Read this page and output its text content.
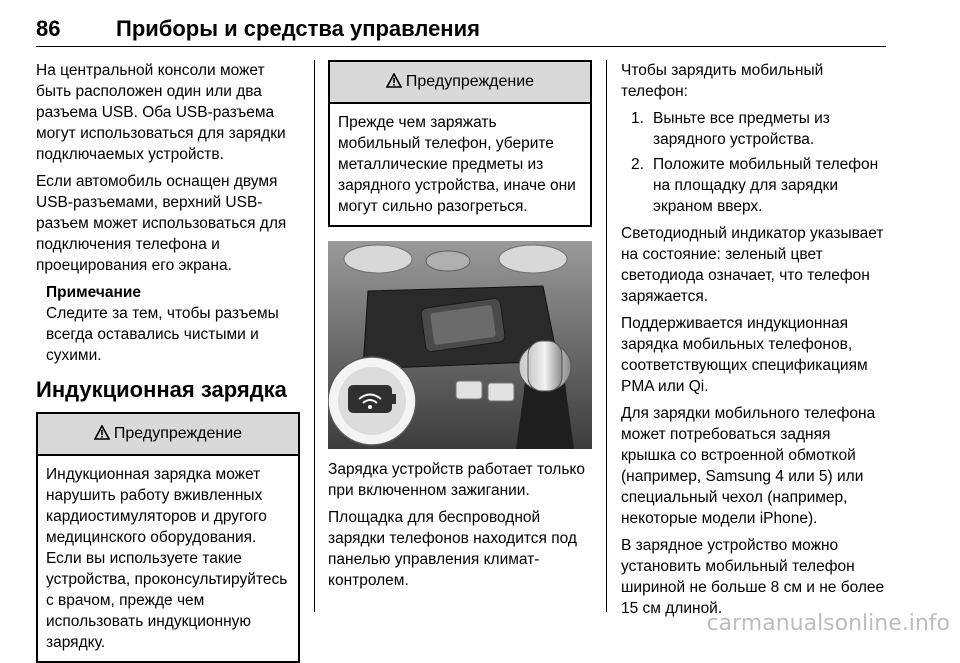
86	Приборы и средства управления

На центральной консоли может быть расположен один или два разъема USB. Оба USB-разъема могут использоваться для зарядки подключаемых устройств.

Если автомобиль оснащен двумя USB-разъемами, верхний USB-разъем может использоваться для подключения телефона и проецирования его экрана.

Примечание
Следите за тем, чтобы разъемы всегда оставались чистыми и сухими.
Индукционная зарядка
Предупреждение
Индукционная зарядка может нарушить работу вживленных кардиостимуляторов и другого медицинского оборудования. Если вы используете такие устройства, проконсультируйтесь с врачом, прежде чем использовать индукционную зарядку.
Предупреждение
Прежде чем заряжать мобильный телефон, уберите металлические предметы из зарядного устройства, иначе они могут сильно разогреться.

Зарядка устройств работает только при включенном зажигании.

Площадка для беспроводной зарядки телефонов находится под панелью управления климат-контролем.

Чтобы зарядить мобильный телефон:

1. Выньте все предметы из зарядного устройства.
2. Положите мобильный телефон на площадку для зарядки экраном вверх.

Светодиодный индикатор указывает на состояние: зеленый цвет светодиода означает, что телефон заряжается.

Поддерживается индукционная зарядка мобильных телефонов, соответствующих спецификациям PMA или Qi.

Для зарядки мобильного телефона может потребоваться задняя крышка со встроенной обмоткой (например, Samsung 4 или 5) или специальный чехол (например, некоторые модели iPhone).

В зарядное устройство можно установить мобильный телефон шириной не больше 8 см и не более 15 см длиной.

carmanualsonline.info
